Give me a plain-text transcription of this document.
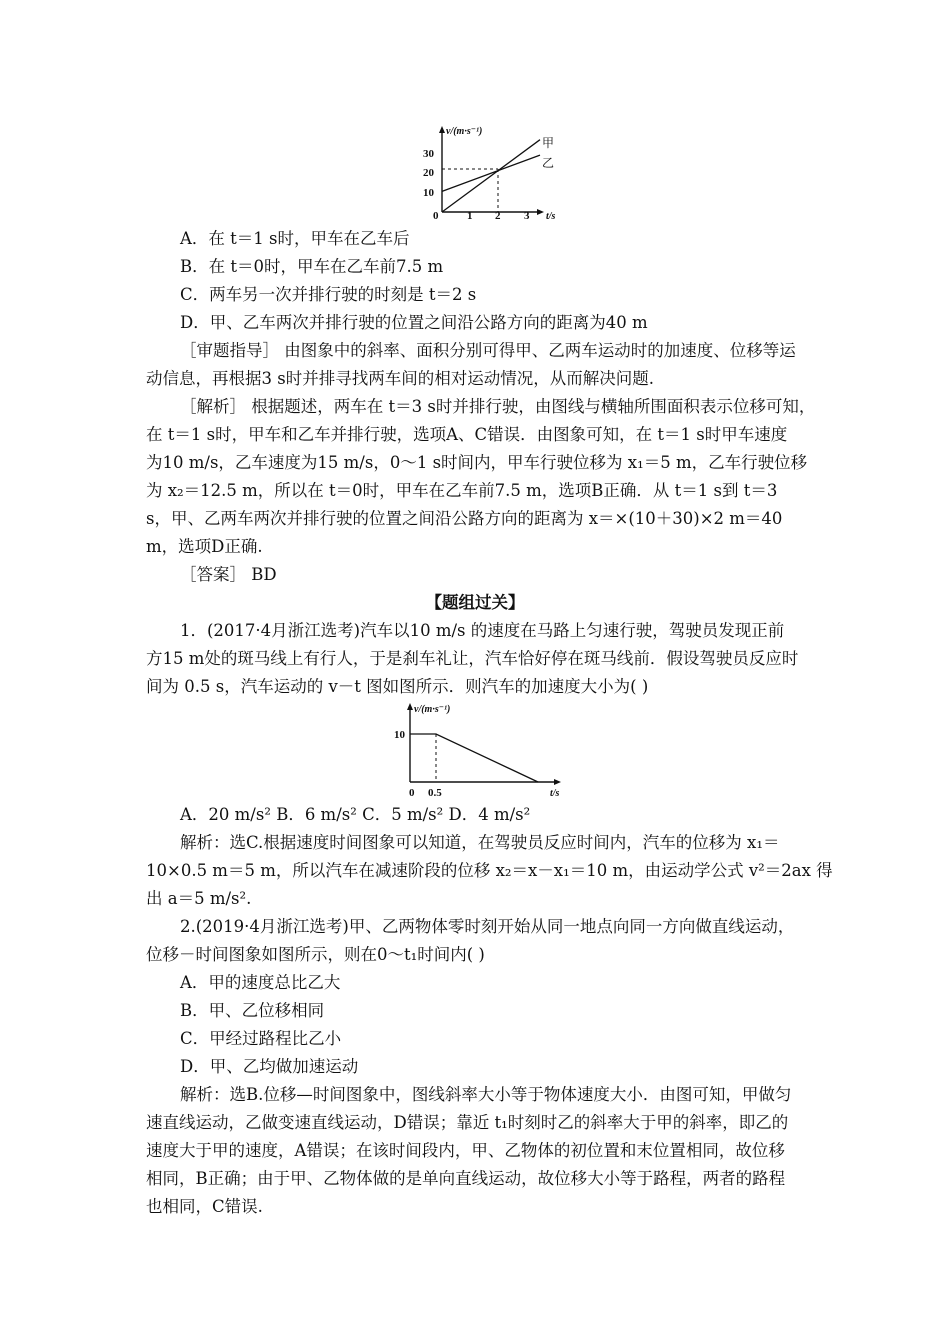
v/(m·s⁻¹)
t/s
0
30
20
10
1 2 3
甲
乙
A．在 t＝1 s时，甲车在乙车后
B．在 t＝0时，甲车在乙车前7.5 m
C．两车另一次并排行驶的时刻是 t＝2 s
D．甲、乙车两次并排行驶的位置之间沿公路方向的距离为40 m
［审题指导］ 由图象中的斜率、面积分别可得甲、乙两车运动时的加速度、位移等运
动信息，再根据3 s时并排寻找两车间的相对运动情况，从而解决问题.
［解析］ 根据题述，两车在 t＝3 s时并排行驶，由图线与横轴所围面积表示位移可知，
在 t＝1 s时，甲车和乙车并排行驶，选项A、C错误．由图象可知，在 t＝1 s时甲车速度
为10 m/s，乙车速度为15 m/s，0～1 s时间内，甲车行驶位移为 x₁＝5 m，乙车行驶位移
为 x₂＝12.5 m，所以在 t＝0时，甲车在乙车前7.5 m，选项B正确．从 t＝1 s到 t＝3
s，甲、乙两车两次并排行驶的位置之间沿公路方向的距离为 x＝×(10＋30)×2 m＝40
m，选项D正确.
［答案］ BD
【题组过关】
1．(2017·4月浙江选考)汽车以10 m/s 的速度在马路上匀速行驶，驾驶员发现正前
方15 m处的斑马线上有行人，于是刹车礼让，汽车恰好停在斑马线前．假设驾驶员反应时
间为 0.5 s，汽车运动的 v－t 图如图所示．则汽车的加速度大小为( )
v/(m·s⁻¹)
t/s
10
0 0.5
A．20 m/s² B．6 m/s² C．5 m/s² D．4 m/s²
解析：选C.根据速度时间图象可以知道，在驾驶员反应时间内，汽车的位移为 x₁＝
10×0.5 m＝5 m，所以汽车在减速阶段的位移 x₂＝x－x₁＝10 m，由运动学公式 v²＝2ax 得
出 a＝5 m/s².
2.(2019·4月浙江选考)甲、乙两物体零时刻开始从同一地点向同一方向做直线运动，
位移－时间图象如图所示，则在0～t₁时间内( )
A．甲的速度总比乙大
B．甲、乙位移相同
C．甲经过路程比乙小
D．甲、乙均做加速运动
解析：选B.位移—时间图象中，图线斜率大小等于物体速度大小．由图可知，甲做匀
速直线运动，乙做变速直线运动，D错误；靠近 t₁时刻时乙的斜率大于甲的斜率，即乙的
速度大于甲的速度，A错误；在该时间段内，甲、乙物体的初位置和末位置相同，故位移
相同，B正确；由于甲、乙物体做的是单向直线运动，故位移大小等于路程，两者的路程
也相同，C错误.
